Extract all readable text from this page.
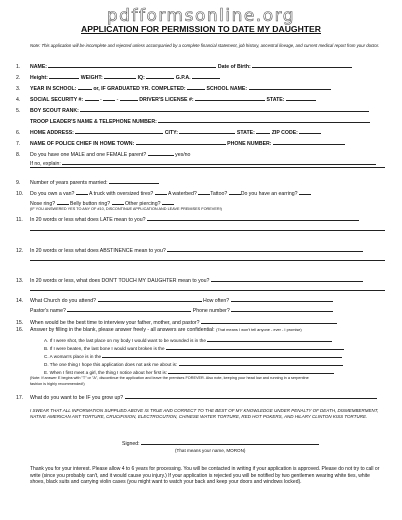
pdfformsonline.org
APPLICATION FOR PERMISSION TO DATE MY DAUGHTER
Note: This application will be incomplete and rejected unless accompanied by a complete financial statement, job history, ancestral lineage, and current medical report from your doctor.
1. NAME:	Date of Birth:
2. Height:	WEIGHT:	IQ:	G.P.A.
3. YEAR IN SCHOOL:	or, IF GRADUATED YR. COMPLETED:	SCHOOL NAME:
4. SOCIAL SECURITY #:	-  -	DRIVER'S LICENSE #:	STATE:
5. BOY SCOUT RANK:
TROOP LEADER'S NAME & TELEPHONE NUMBER:
6. HOME ADDRESS:	CITY:	STATE:	ZIP CODE:
7. NAME OF POLICE CHIEF IN HOME TOWN:	PHONE NUMBER:
8. Do you have one MALE and one FEMALE parent?	yes/no
If no, explain:
9. Number of years parents married:
10. Do you own a van?	A truck with oversized tires?	A waterbed?	Tattoo?	Do you have an earring?
Nose ring?	Belly button ring?	Other piercing?
(IF YOU ANSWERED YES TO ANY OF #10, DISCONTINUE APPLICATION AND LEAVE PREMISES FOREVER!)
11. In 20 words or less what does LATE mean to you?
12. In 20 words or less what does ABSTINENCE mean to you?
13. In 20 words or less, what does DON'T TOUCH MY DAUGHTER mean to you?
14. What Church do you attend?	How often?
Pastor's name?	Phone number?
15. When would be the best time to interview your father, mother, and pastor?
16. Answer by filling in the blank, please answer freely - all answers are confidential: (That means I won't tell anyone - ever - I promise)
A. If I were shot, the last place on my body I would want to be wounded is in the
B. If I were beaten, the last bone I would want broken is the
C. A woman's place is in the
D. The one thing I hope this application does not ask me about is:
E. When I first meet a girl, the thing I notice about her first is:
(Note: If answer E begins with "T" or "A", discontinue the application and leave the premises FOREVER. Also note, keeping your head low and running in a serpentine
fashion is highly recommended!)
17. What do you want to be IF you grow up?
I SWEAR THAT ALL INFORMATION SUPPLIED ABOVE IS TRUE AND CORRECT TO THE BEST OF MY KNOWLEDGE UNDER PENALTY OF DEATH, DISMEMBERMENT, NATIVE AMERICAN ANT TORTURE, CRUCIFIXION, ELECTROCUTION, CHINESE WATER TORTURE, RED HOT POKERS, AND HILARY CLINTON KISS TORTURE.
Signed:
(That means your name, MORON)
Thank you for your interest. Please allow 4 to 6 years for processing. You will be contacted in writing if your application is approved. Please do not try to call or write (since you probably can't, and it would cause you injury.) If your application is rejected you will be notified by two gentlemen wearing white ties, white shoes, black suits and carrying violin cases (you might want to watch your back and keep your doors and windows locked).
